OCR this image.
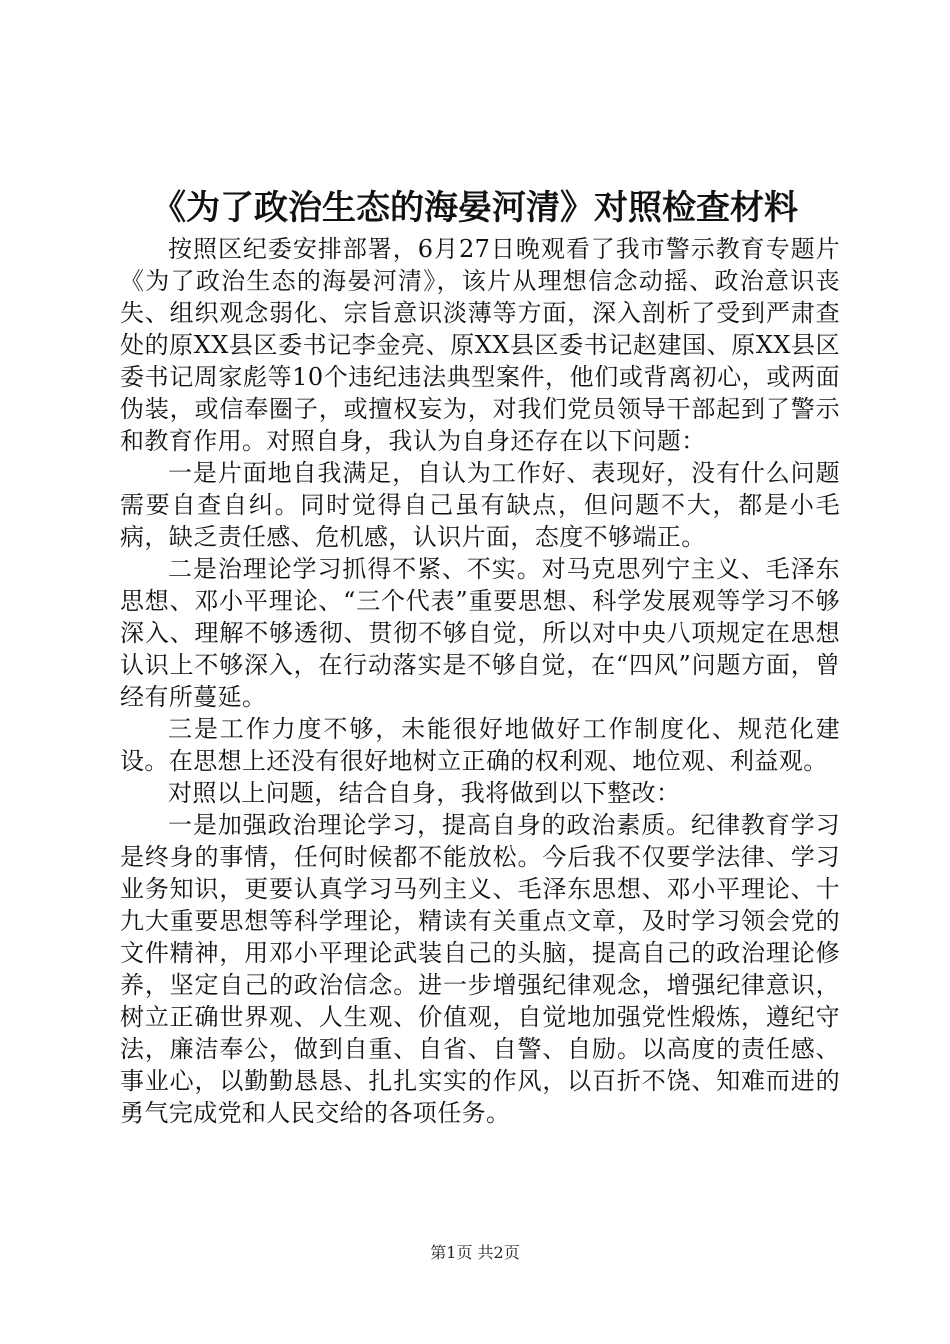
《为了政治生态的海晏河清》对照检查材料

按照区纪委安排部署，6月27日晚观看了我市警示教育专题片《为了政治生态的海晏河清》，该片从理想信念动摇、政治意识丧失、组织观念弱化、宗旨意识淡薄等方面，深入剖析了受到严肃查处的原XX县区委书记李金亮、原XX县区委书记赵建国、原XX县区委书记周家彪等10个违纪违法典型案件，他们或背离初心，或两面伪装，或信奉圈子，或擅权妄为，对我们党员领导干部起到了警示和教育作用。对照自身，我认为自身还存在以下问题：

一是片面地自我满足，自认为工作好、表现好，没有什么问题需要自查自纠。同时觉得自己虽有缺点，但问题不大，都是小毛病，缺乏责任感、危机感，认识片面，态度不够端正。

二是治理论学习抓得不紧、不实。对马克思列宁主义、毛泽东思想、邓小平理论、“三个代表”重要思想、科学发展观等学习不够深入、理解不够透彻、贯彻不够自觉，所以对中央八项规定在思想认识上不够深入，在行动落实是不够自觉，在“四风”问题方面，曾经有所蔓延。

三是工作力度不够，未能很好地做好工作制度化、规范化建设。在思想上还没有很好地树立正确的权利观、地位观、利益观。

对照以上问题，结合自身，我将做到以下整改：

一是加强政治理论学习，提高自身的政治素质。纪律教育学习是终身的事情，任何时候都不能放松。今后我不仅要学法律、学习业务知识，更要认真学习马列主义、毛泽东思想、邓小平理论、十九大重要思想等科学理论，精读有关重点文章，及时学习领会党的文件精神，用邓小平理论武装自己的头脑，提高自己的政治理论修养，坚定自己的政治信念。进一步增强纪律观念，增强纪律意识，树立正确世界观、人生观、价值观，自觉地加强党性煅炼，遵纪守法，廉洁奉公，做到自重、自省、自警、自励。以高度的责任感、事业心，以勤勤恳恳、扎扎实实的作风，以百折不饶、知难而进的勇气完成党和人民交给的各项任务。

第1页 共2页
